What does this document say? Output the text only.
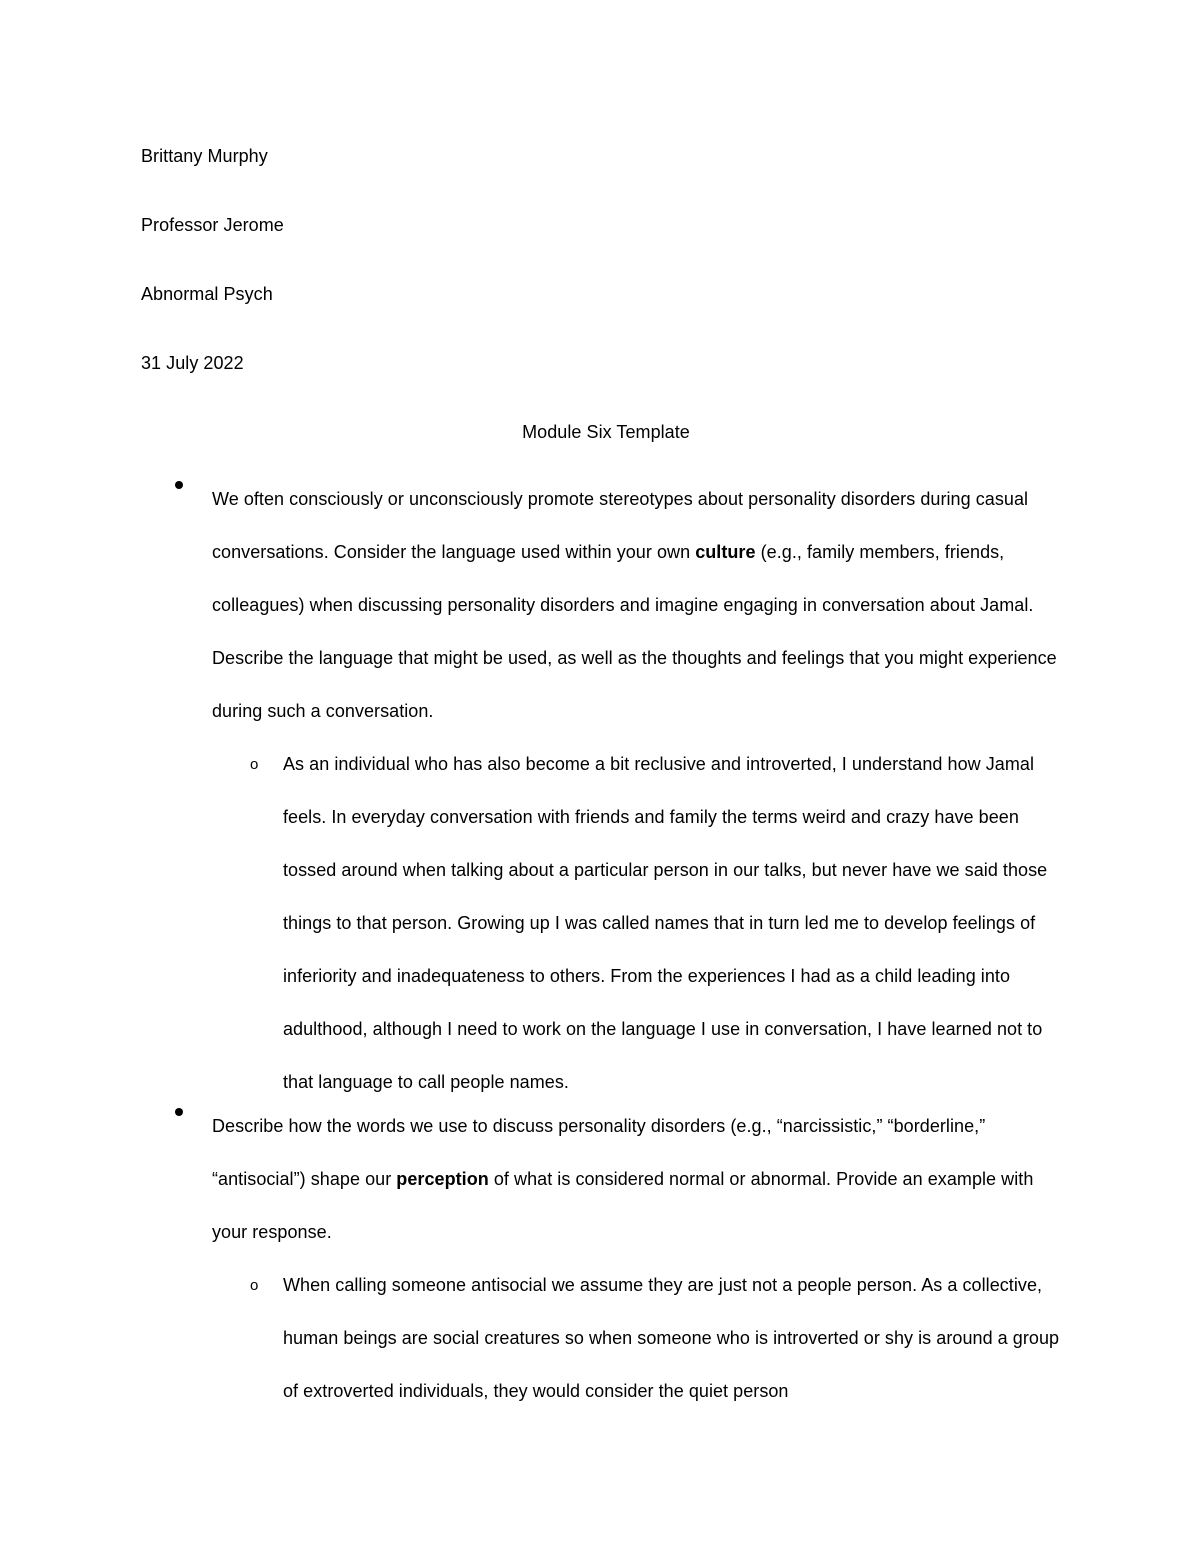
Brittany Murphy

Professor Jerome

Abnormal Psych

31 July 2022

Module Six Template

We often consciously or unconsciously promote stereotypes about personality disorders during casual conversations. Consider the language used within your own culture (e.g., family members, friends, colleagues) when discussing personality disorders and imagine engaging in conversation about Jamal. Describe the language that might be used, as well as the thoughts and feelings that you might experience during such a conversation.
o As an individual who has also become a bit reclusive and introverted, I understand how Jamal feels. In everyday conversation with friends and family the terms weird and crazy have been tossed around when talking about a particular person in our talks, but never have we said those things to that person. Growing up I was called names that in turn led me to develop feelings of inferiority and inadequateness to others. From the experiences I had as a child leading into adulthood, although I need to work on the language I use in conversation, I have learned not to that language to call people names.
Describe how the words we use to discuss personality disorders (e.g., “narcissistic,” “borderline,” “antisocial”) shape our perception of what is considered normal or abnormal. Provide an example with your response.
o When calling someone antisocial we assume they are just not a people person. As a collective, human beings are social creatures so when someone who is introverted or shy is around a group of extroverted individuals, they would consider the quiet person
